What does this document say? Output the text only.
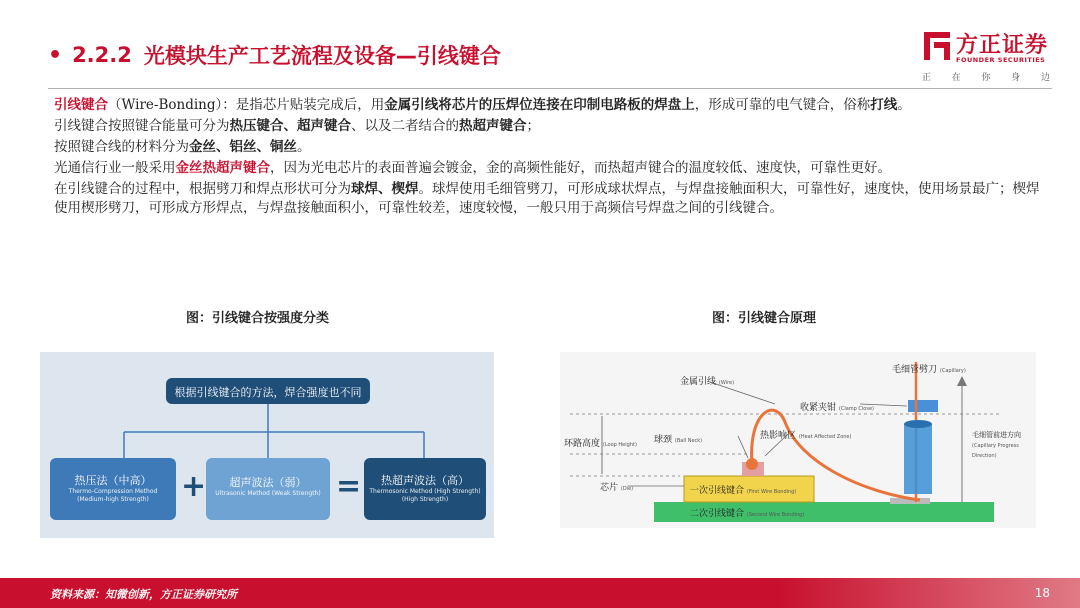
• 2.2.2 光模块生产工艺流程及设备—引线键合	方正证券
FOUNDER SECURITIES
正 在 你 身 边

引线键合（Wire-Bonding）：是指芯片贴装完成后，用金属引线将芯片的压焊位连接在印制电路板的焊盘上，形成可靠的电气键合，俗称打线。

引线键合按照键合能量可分为热压键合、超声键合、以及二者结合的热超声键合；

按照键合线的材料分为金丝、铝丝、铜丝。

光通信行业一般采用金丝热超声键合，因为光电芯片的表面普遍会镀金，金的高频性能好，而热超声键合的温度较低、速度快，可靠性更好。

在引线键合的过程中，根据劈刀和焊点形状可分为球焊、楔焊。球焊使用毛细管劈刀，可形成球状焊点，与焊盘接触面积大，可靠性好，速度快，使用场景最广；楔焊使用楔形劈刀，可形成方形焊点，与焊盘接触面积小，可靠性较差，速度较慢，一般只用于高频信号焊盘之间的引线键合。

图：引线键合按强度分类	图：引线键合原理
根据引线键合的方法，焊合强度也不同
热压法（中高）
Thermo-Compression Method
(Medium-high Strength)	+	超声波法（弱）
Ultrasonic Method (Weak Strength) =	热超声波法（高）
Thermosonic Method (High Strength)
(High Strength)
毛细管劈刀 (Capillary)
金属引线 (Wire)
收紧夹钳 (Clamp Close)
环路高度 (Loop Height) 球颈 (Ball Neck)	热影响区 (Heat Affected Zone)
芯片 (Die)	一次引线键合 (First Wire Bonding)
二次引线键合 (Second Wire Bonding)
毛细管前进方向
(Capillary Progress Direction)
资料来源：知微创新，方正证券研究所	18
